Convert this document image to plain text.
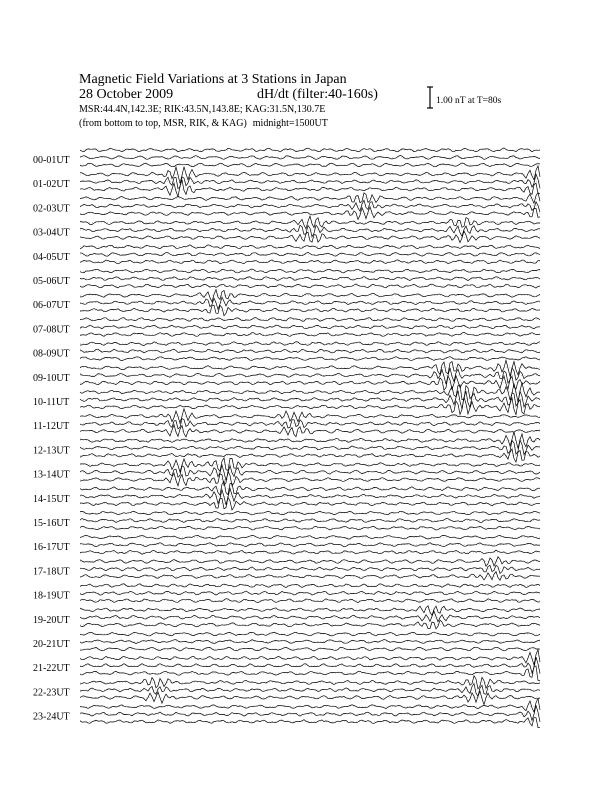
Magnetic Field Variations at 3 Stations in Japan
28 October 2009	dH/dt (filter:40-160s)
MSR:44.4N,142.3E; RIK:43.5N,143.8E; KAG:31.5N,130.7E
(from bottom to top, MSR, RIK, & KAG) midnight=1500UT
1.00 nT at T=80s
00-01UT
01-02UT
02-03UT
03-04UT
04-05UT
05-06UT
06-07UT
07-08UT
08-09UT
09-10UT
10-11UT
11-12UT
12-13UT
13-14UT
14-15UT
15-16UT
16-17UT
17-18UT
18-19UT
19-20UT
20-21UT
21-22UT
22-23UT
23-24UT
